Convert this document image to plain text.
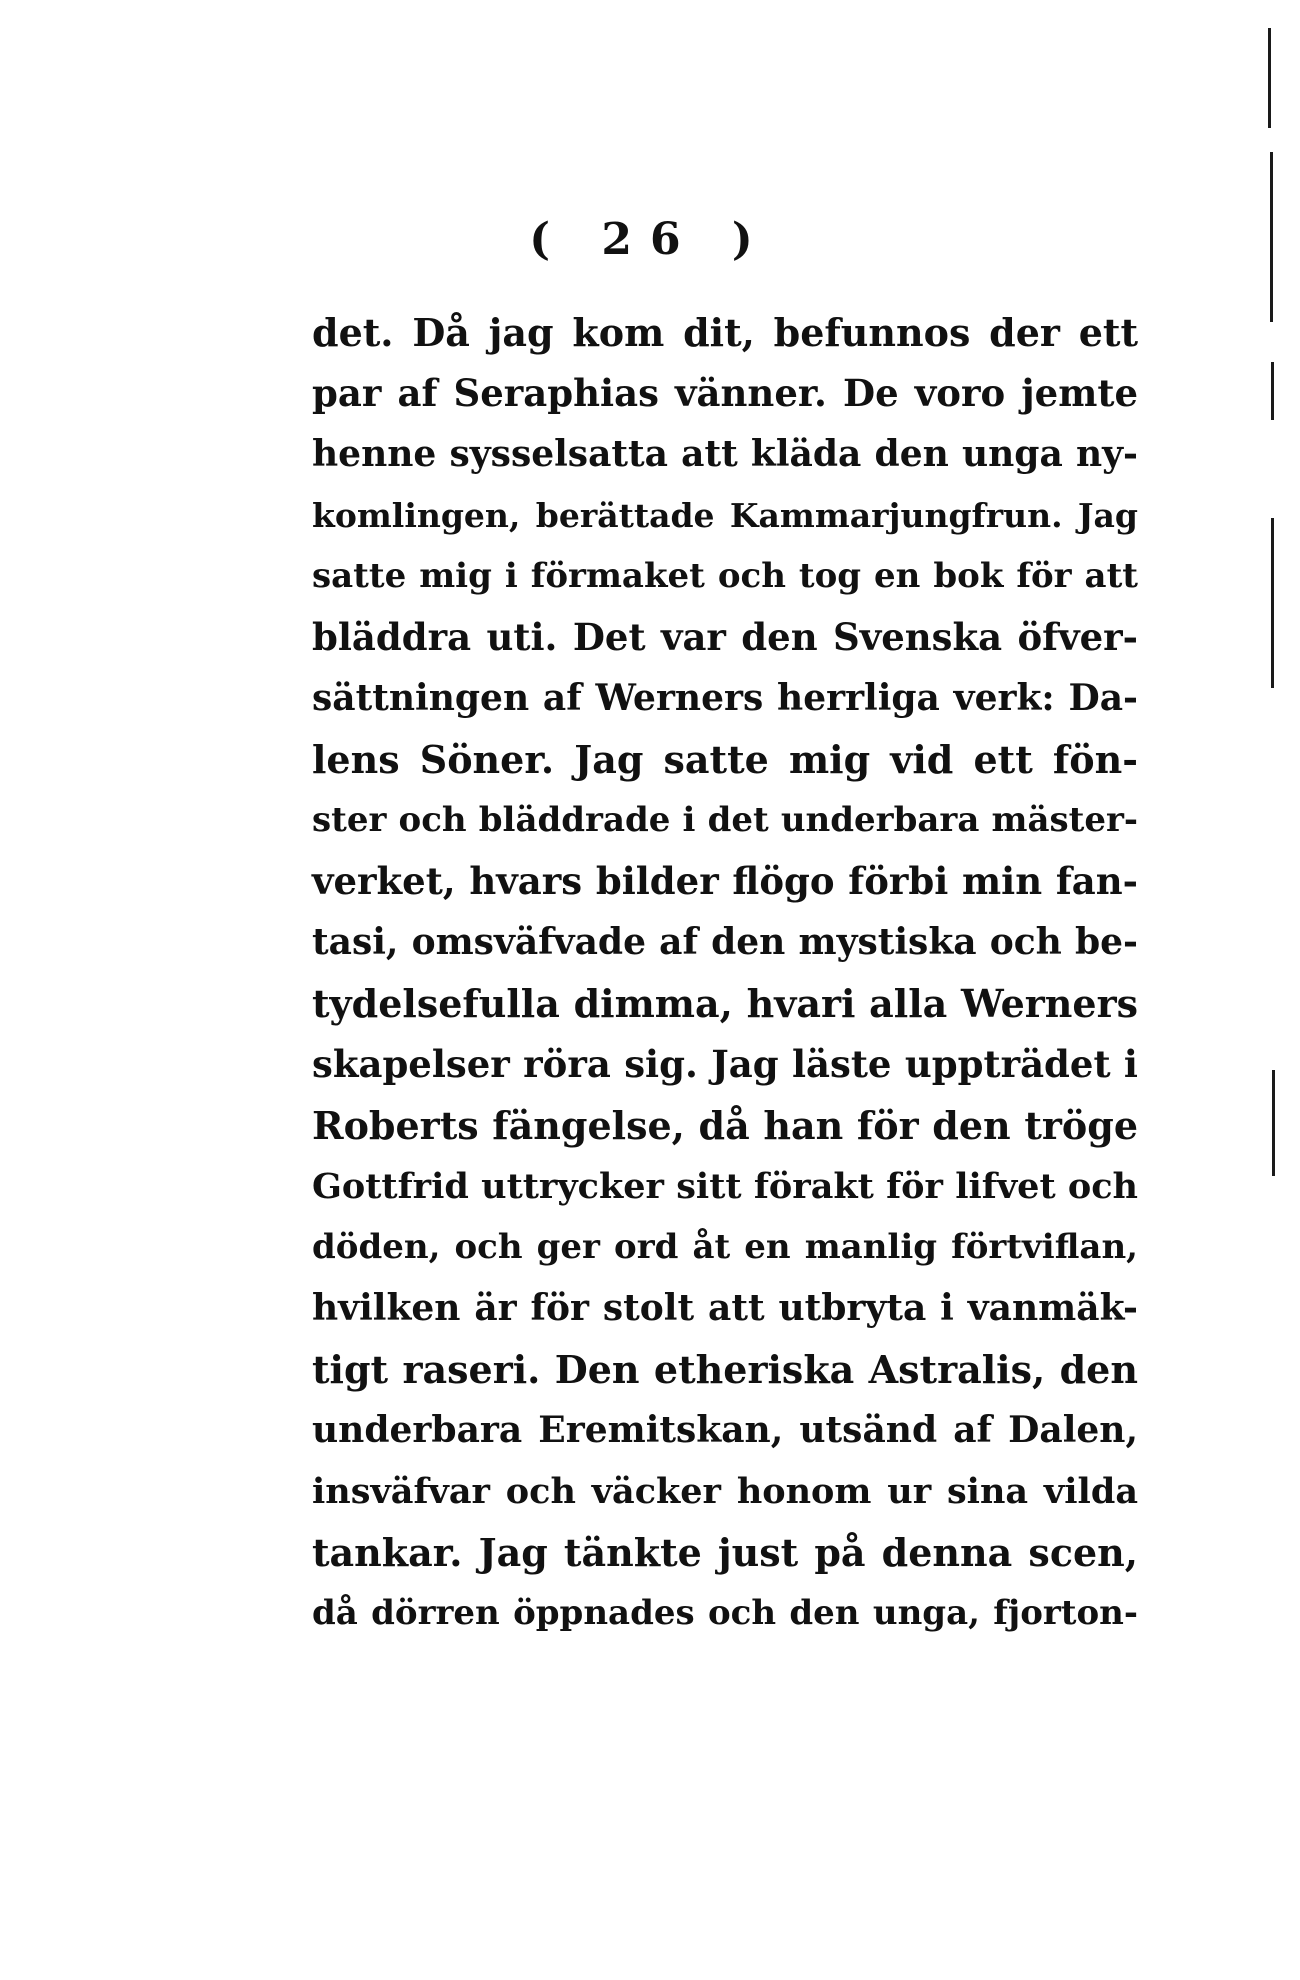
( 26 )
det. Då jag kom dit, befunnos der ett
par af Seraphias vänner. De voro jemte
henne sysselsatta att kläda den unga ny-
komlingen, berättade Kammarjungfrun. Jag
satte mig i förmaket och tog en bok för att
bläddra uti. Det var den Svenska öfver-
sättningen af Werners herrliga verk: Da-
lens Söner. Jag satte mig vid ett fön-
ster och bläddrade i det underbara mäster-
verket, hvars bilder flögo förbi min fan-
tasi, omsväfvade af den mystiska och be-
tydelsefulla dimma, hvari alla Werners
skapelser röra sig. Jag läste uppträdet i
Roberts fängelse, då han för den tröge
Gottfrid uttrycker sitt förakt för lifvet och
döden, och ger ord åt en manlig förtviflan,
hvilken är för stolt att utbryta i vanmäk-
tigt raseri. Den etheriska Astralis, den
underbara Eremitskan, utsänd af Dalen,
insväfvar och väcker honom ur sina vilda
tankar. Jag tänkte just på denna scen,
då dörren öppnades och den unga, fjorton-
